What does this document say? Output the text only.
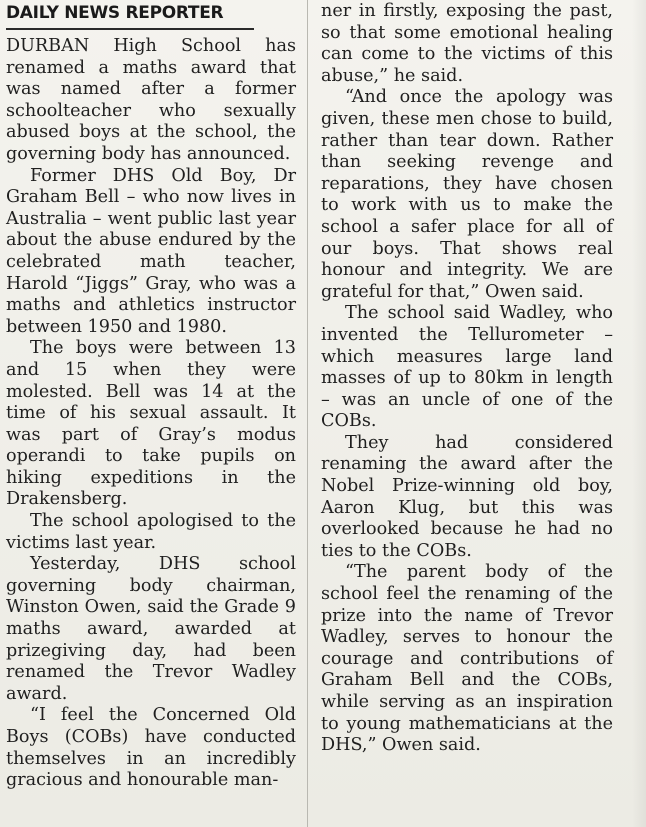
DAILY NEWS REPORTER

DURBAN High School has renamed a maths award that was named after a former schoolteacher who sexually abused boys at the school, the governing body has announced.

Former DHS Old Boy, Dr Graham Bell – who now lives in Australia – went public last year about the abuse endured by the celebrated math teacher, Harold “Jiggs” Gray, who was a maths and athletics instructor between 1950 and 1980.

The boys were between 13 and 15 when they were molested. Bell was 14 at the time of his sexual assault. It was part of Gray’s modus operandi to take pupils on hiking expeditions in the Drakensberg.

The school apologised to the victims last year.

Yesterday, DHS school governing body chairman, Winston Owen, said the Grade 9 maths award, awarded at prizegiving day, had been renamed the Trevor Wadley award.

“I feel the Concerned Old Boys (COBs) have conducted themselves in an incredibly gracious and honourable man-

ner in firstly, exposing the past, so that some emotional healing can come to the victims of this abuse,” he said.

“And once the apology was given, these men chose to build, rather than tear down. Rather than seeking revenge and reparations, they have chosen to work with us to make the school a safer place for all of our boys. That shows real honour and integrity. We are grateful for that,” Owen said.

The school said Wadley, who invented the Tellurometer – which measures large land masses of up to 80km in length – was an uncle of one of the COBs.

They had considered renaming the award after the Nobel Prize-winning old boy, Aaron Klug, but this was overlooked because he had no ties to the COBs.

“The parent body of the school feel the renaming of the prize into the name of Trevor Wadley, serves to honour the courage and contributions of Graham Bell and the COBs, while serving as an inspiration to young mathematicians at the DHS,” Owen said.
